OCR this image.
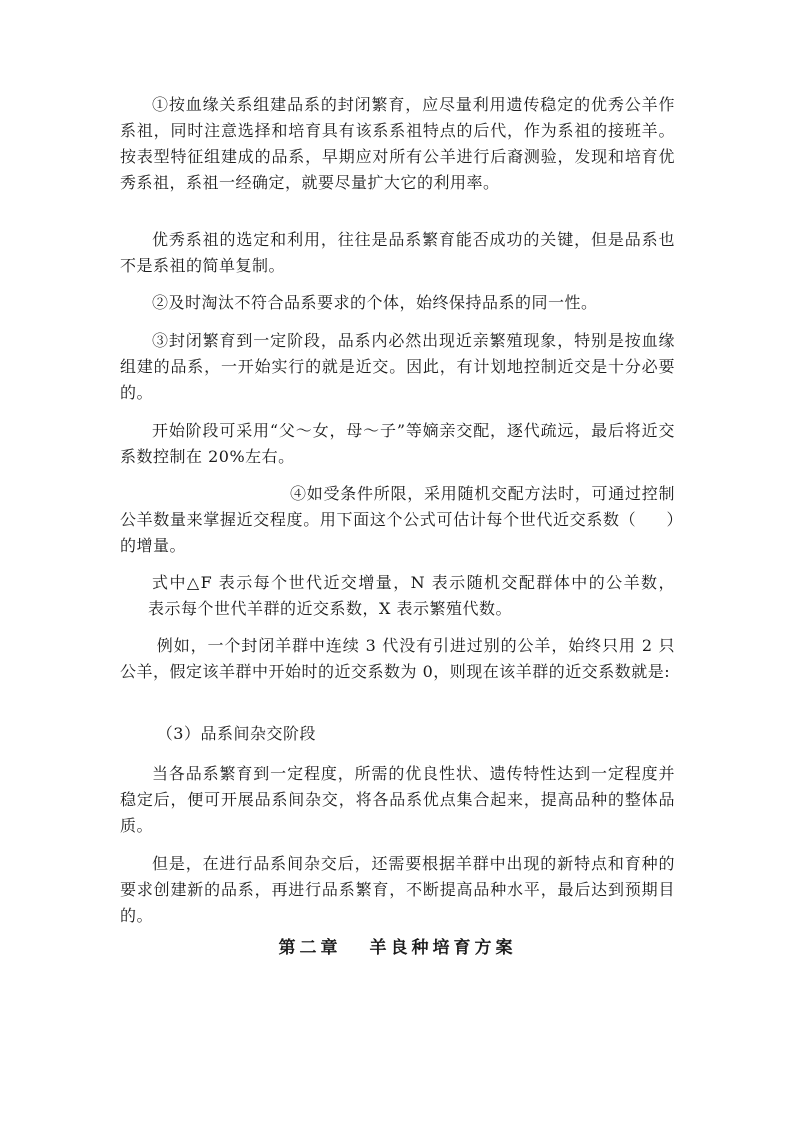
①按血缘关系组建品系的封闭繁育，应尽量利用遗传稳定的优秀公羊作系祖，同时注意选择和培育具有该系系祖特点的后代，作为系祖的接班羊。按表型特征组建成的品系，早期应对所有公羊进行后裔测验，发现和培育优秀系祖，系祖一经确定，就要尽量扩大它的利用率。

优秀系祖的选定和利用，往往是品系繁育能否成功的关键，但是品系也不是系祖的简单复制。

②及时淘汰不符合品系要求的个体，始终保持品系的同一性。

③封闭繁育到一定阶段，品系内必然出现近亲繁殖现象，特别是按血缘组建的品系，一开始实行的就是近交。因此，有计划地控制近交是十分必要的。

开始阶段可采用“父～女，母～子”等嫡亲交配，逐代疏远，最后将近交系数控制在 20%左右。

④如受条件所限，采用随机交配方法时，可通过控制公羊数量来掌握近交程度。用下面这个公式可估计每个世代近交系数（ ）的增量。

式中△F 表示每个世代近交增量，N 表示随机交配群体中的公羊数，表示每个世代羊群的近交系数，X 表示繁殖代数。

例如，一个封闭羊群中连续 3 代没有引进过别的公羊，始终只用 2 只公羊，假定该羊群中开始时的近交系数为 0，则现在该羊群的近交系数就是:

（3）品系间杂交阶段

当各品系繁育到一定程度，所需的优良性状、遗传特性达到一定程度并稳定后，便可开展品系间杂交，将各品系优点集合起来，提高品种的整体品质。

但是，在进行品系间杂交后，还需要根据羊群中出现的新特点和育种的要求创建新的品系，再进行品系繁育，不断提高品种水平，最后达到预期目的。

第二章 羊良种培育方案
